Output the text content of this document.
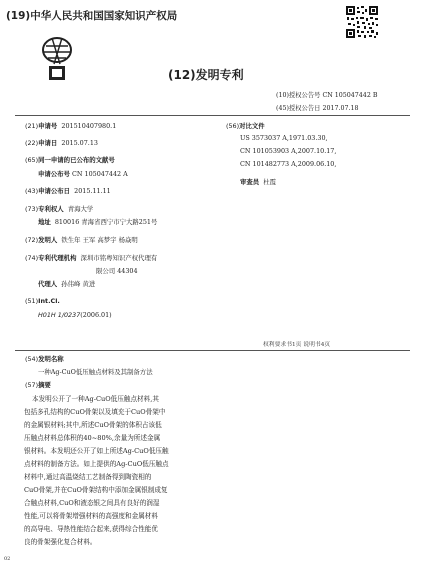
(19)中华人民共和国国家知识产权局
(12)发明专利
(10)授权公告号 CN 105047442 B
(45)授权公告日 2017.07.18
(21)申请号 201510407980.1
(22)申请日 2015.07.13
(65)同一申请的已公布的文献号
申请公布号 CN 105047442 A
(43)申请公布日 2015.11.11
(73)专利权人 青海大学
地址 810016 青海省西宁市宁大路251号
(72)发明人 铁生年 王军 高梦宇 杨焱明
(74)专利代理机构 深圳市铭粤知识产权代理有
限公司 44304
代理人 孙伟峰 黄进
(51)Int.Cl.
H01H 1/0237(2006.01)
(56)对比文件
US 3573037 A,1971.03.30,
CN 101053903 A,2007.10.17,
CN 101482773 A,2009.06.10,
审查员 杜霞
权利要求书1页 说明书4页
(54)发明名称
一种Ag-CuO低压触点材料及其制备方法
(57)摘要
本发明公开了一种Ag-CuO低压触点材料,其
包括多孔结构的CuO骨架以及填充于CuO骨架中
的金属银材料;其中,所述CuO骨架的体积占该低
压触点材料总体积的40~80%,余量为所述金属
银材料。本发明还公开了如上所述Ag-CuO低压触
点材料的制备方法。如上提供的Ag-CuO低压触点
材料中,通过高温烧结工艺制备得到陶瓷相的
CuO骨架,并在CuO骨架结构中添加金属银制成复
合触点材料,CuO和液态银之间具有良好的润湿
性能,可以将骨架增强材料的高强度和金属材料
的高导电、导热性能结合起来,获得综合性能优
良的骨架强化复合材料。
02
